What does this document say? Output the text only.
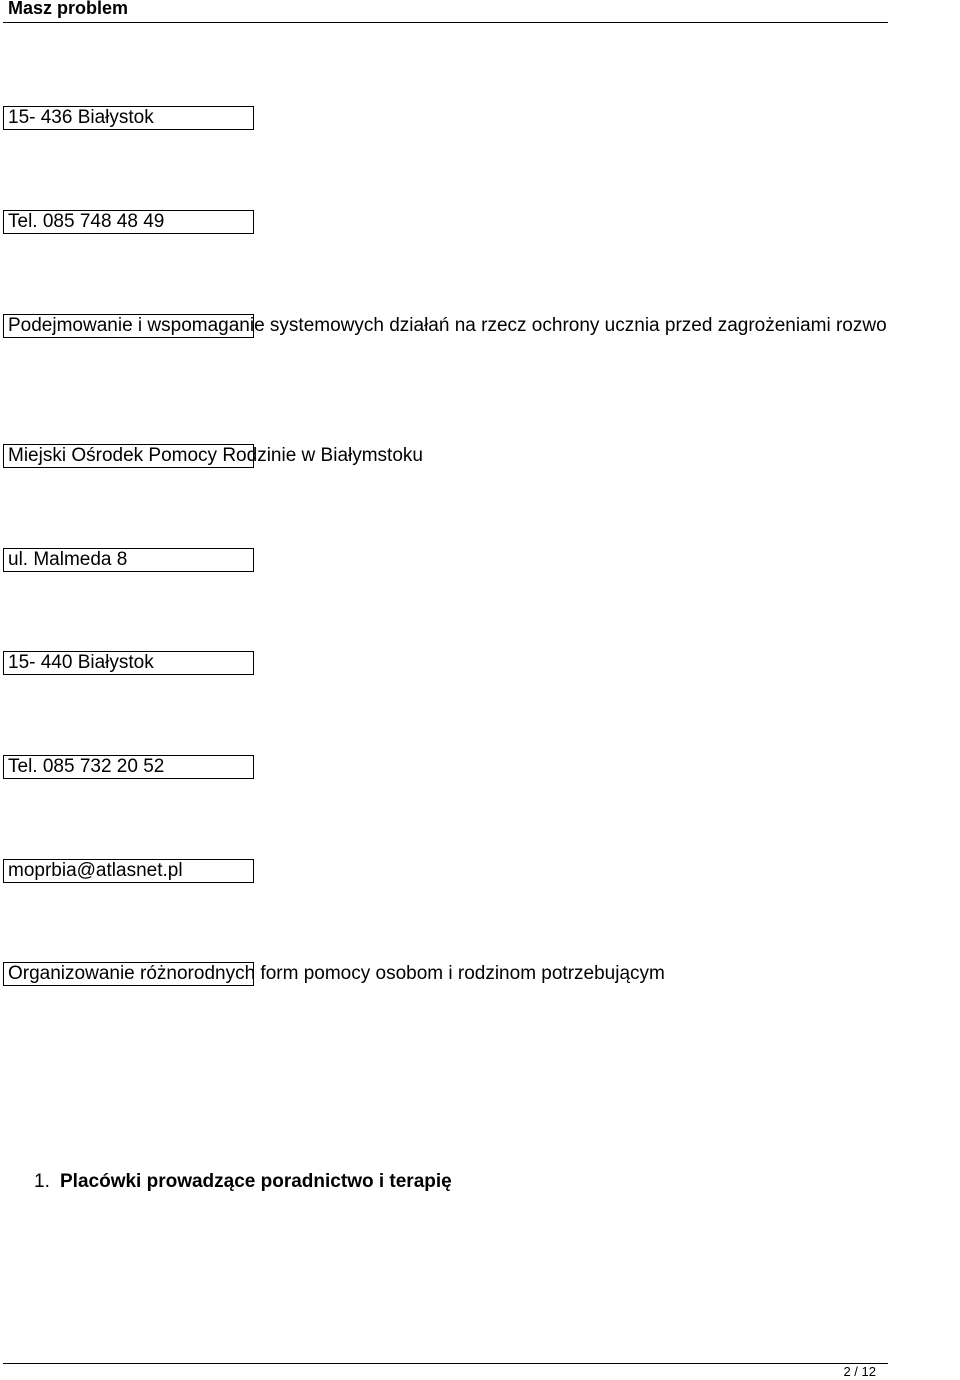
Masz problem
15- 436 Białystok
Tel. 085 748 48 49
Podejmowanie i wspomaganie systemowych działań na rzecz ochrony ucznia przed zagrożeniami rozwo
Miejski Ośrodek Pomocy Rodzinie w Białymstoku
ul. Malmeda 8
15- 440 Białystok
Tel. 085 732 20 52
moprbia@atlasnet.pl
Organizowanie różnorodnych form pomocy osobom i rodzinom potrzebującym
1. Placówki prowadzące poradnictwo i terapię
2 / 12
